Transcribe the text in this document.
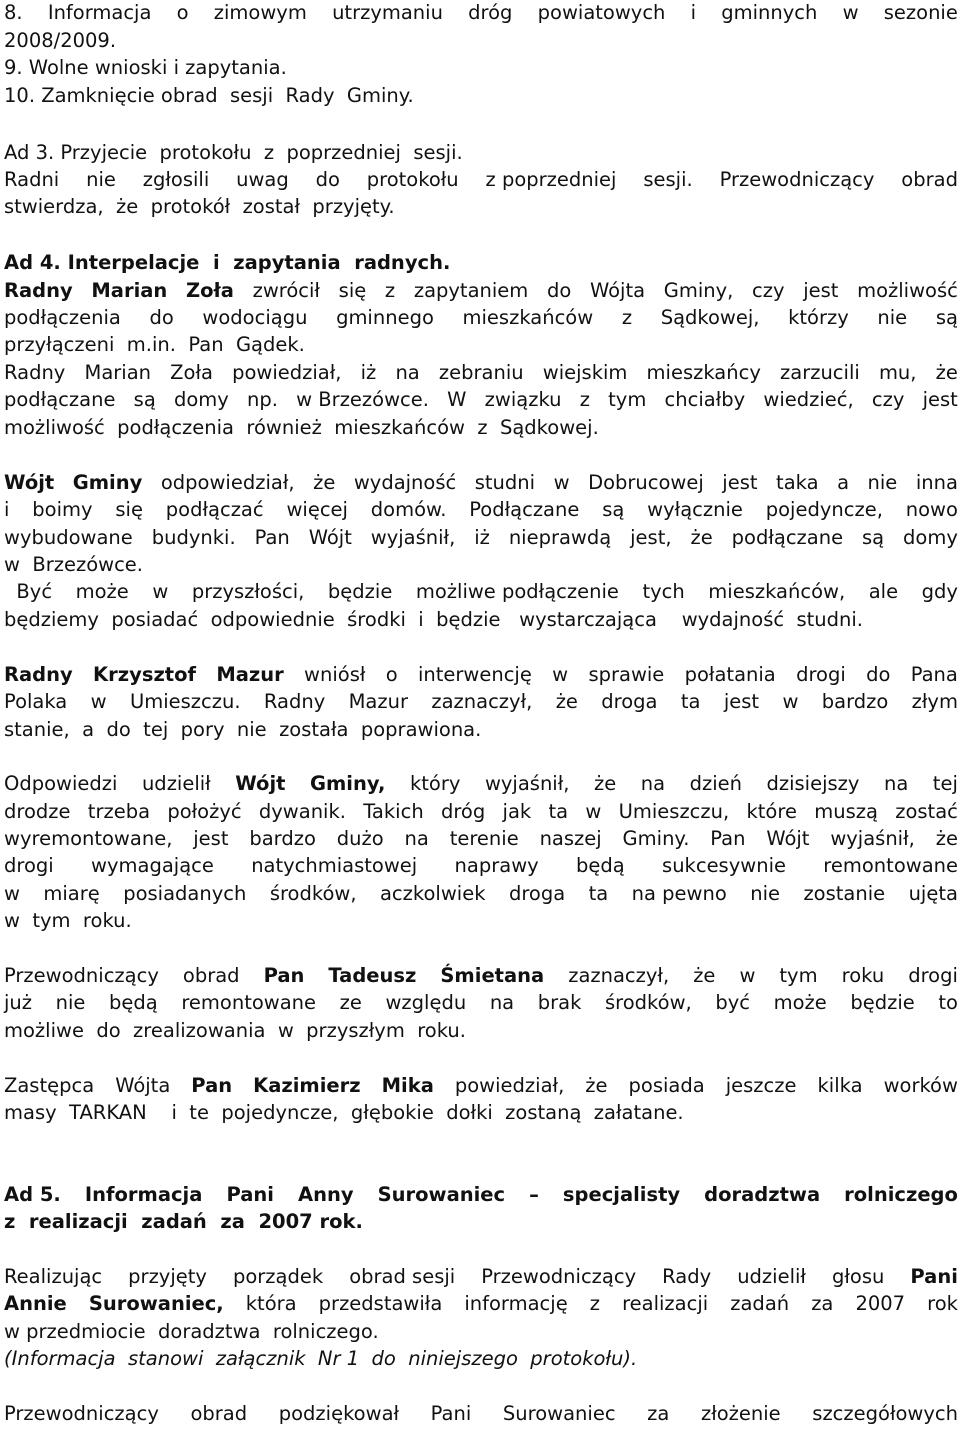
8. Informacja o zimowym utrzymaniu dróg powiatowych i gminnych w sezonie
2008/2009.
9. Wolne wnioski i zapytania.
10. Zamknięcie obrad  sesji  Rady  Gminy.
Ad 3. Przyjecie  protokołu  z  poprzedniej  sesji.
Radni nie zgłosili uwag do protokołu z poprzedniej sesji. Przewodniczący obrad
stwierdza,  że  protokół  został  przyjęty.
Ad 4. Interpelacje  i  zapytania  radnych.
Radny Marian Zoła zwrócił się z zapytaniem do Wójta Gminy, czy jest możliwość
podłączenia do wodociągu gminnego mieszkańców z Sądkowej, którzy nie są
przyłączeni  m.in.  Pan  Gądek.
Radny Marian Zoła powiedział, iż na zebraniu wiejskim mieszkańcy zarzucili mu, że
podłączane są domy np. w Brzezówce. W związku z tym chciałby wiedzieć, czy jest
możliwość  podłączenia  również  mieszkańców  z  Sądkowej.
Wójt Gminy odpowiedział, że wydajność studni w Dobrucowej jest taka a nie inna
i boimy się podłączać więcej domów. Podłączane są wyłącznie pojedyncze, nowo
wybudowane budynki. Pan Wójt wyjaśnił, iż nieprawdą jest, że podłączane są domy
w  Brzezówce.
Być może w przyszłości, będzie możliwe podłączenie tych mieszkańców, ale gdy
będziemy  posiadać  odpowiednie  środki  i  będzie   wystarczająca    wydajność  studni.
Radny Krzysztof Mazur wniósł o interwencję w sprawie połatania drogi do Pana
Polaka w Umieszczu. Radny Mazur zaznaczył, że droga ta jest w bardzo złym
stanie,  a  do  tej  pory  nie  została  poprawiona.
Odpowiedzi udzielił Wójt Gminy, który wyjaśnił, że na dzień dzisiejszy na tej
drodze trzeba położyć dywanik. Takich dróg jak ta w Umieszczu, które muszą zostać
wyremontowane, jest bardzo dużo na terenie naszej Gminy. Pan Wójt wyjaśnił, że
drogi wymagające natychmiastowej naprawy będą sukcesywnie remontowane
w miarę posiadanych środków, aczkolwiek droga ta na pewno nie zostanie ujęta
w  tym  roku.
Przewodniczący obrad Pan Tadeusz Śmietana zaznaczył, że w tym roku drogi
już nie będą remontowane ze względu na brak środków, być może będzie to
możliwe  do  zrealizowania  w  przyszłym  roku.
Zastępca Wójta Pan Kazimierz Mika powiedział, że posiada jeszcze kilka worków
masy  TARKAN    i  te  pojedyncze,  głębokie  dołki  zostaną  załatane.
Ad 5. Informacja Pani Anny Surowaniec – specjalisty doradztwa rolniczego
z  realizacji  zadań  za  2007 rok.
Realizując przyjęty porządek obrad sesji Przewodniczący Rady udzielił głosu Pani
Annie Surowaniec, która przedstawiła informację z realizacji zadań za 2007 rok
w przedmiocie  doradztwa  rolniczego.
(Informacja  stanowi  załącznik  Nr 1  do  niniejszego  protokołu).
Przewodniczący obrad podziękował Pani Surowaniec za złożenie szczegółowych
